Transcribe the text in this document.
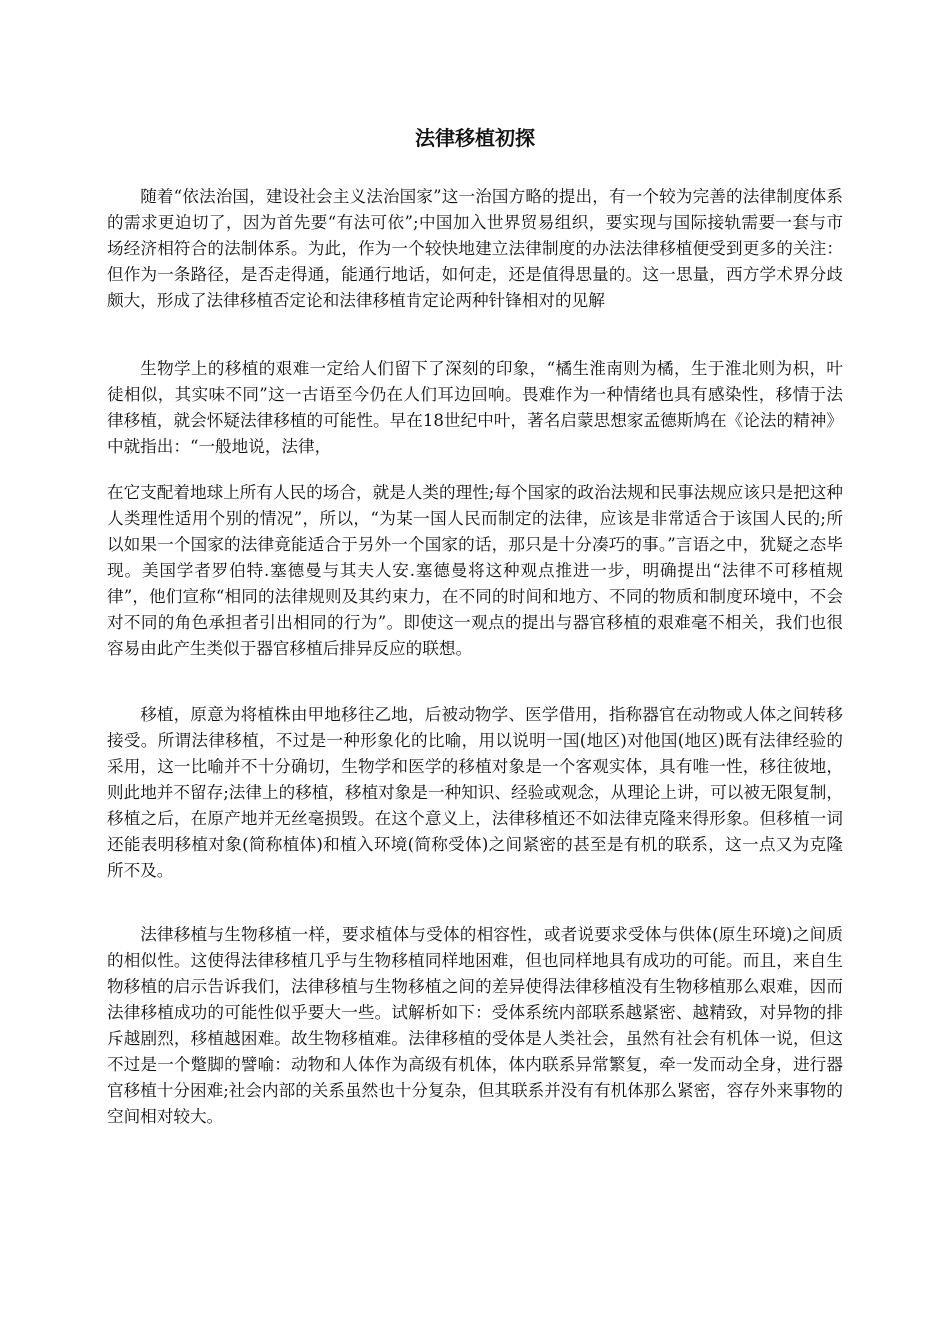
法律移植初探

随着“依法治国，建设社会主义法治国家”这一治国方略的提出，有一个较为完善的法律制度体系的需求更迫切了，因为首先要“有法可依”;中国加入世界贸易组织，要实现与国际接轨需要一套与市场经济相符合的法制体系。为此，作为一个较快地建立法律制度的办法法律移植便受到更多的关注：但作为一条路径，是否走得通，能通行地话，如何走，还是值得思量的。这一思量，西方学术界分歧颇大，形成了法律移植否定论和法律移植肯定论两种针锋相对的见解

生物学上的移植的艰难一定给人们留下了深刻的印象，“橘生淮南则为橘，生于淮北则为枳，叶徒相似，其实味不同”这一古语至今仍在人们耳边回响。畏难作为一种情绪也具有感染性，移情于法律移植，就会怀疑法律移植的可能性。早在18世纪中叶，著名启蒙思想家孟德斯鸠在《论法的精神》中就指出：“一般地说，法律，

在它支配着地球上所有人民的场合，就是人类的理性;每个国家的政治法规和民事法规应该只是把这种人类理性适用个别的情况”，所以，“为某一国人民而制定的法律，应该是非常适合于该国人民的;所以如果一个国家的法律竟能适合于另外一个国家的话，那只是十分凑巧的事。”言语之中，犹疑之态毕现。美国学者罗伯特.塞德曼与其夫人安.塞德曼将这种观点推进一步，明确提出“法律不可移植规律”，他们宣称“相同的法律规则及其约束力，在不同的时间和地方、不同的物质和制度环境中，不会对不同的角色承担者引出相同的行为”。即使这一观点的提出与器官移植的艰难毫不相关，我们也很容易由此产生类似于器官移植后排异反应的联想。

移植，原意为将植株由甲地移往乙地，后被动物学、医学借用，指称器官在动物或人体之间转移接受。所谓法律移植，不过是一种形象化的比喻，用以说明一国(地区)对他国(地区)既有法律经验的采用，这一比喻并不十分确切，生物学和医学的移植对象是一个客观实体，具有唯一性，移往彼地，则此地并不留存;法律上的移植，移植对象是一种知识、经验或观念，从理论上讲，可以被无限复制，移植之后，在原产地并无丝毫损毁。在这个意义上，法律移植还不如法律克隆来得形象。但移植一词还能表明移植对象(简称植体)和植入环境(简称受体)之间紧密的甚至是有机的联系，这一点又为克隆所不及。

法律移植与生物移植一样，要求植体与受体的相容性，或者说要求受体与供体(原生环境)之间质的相似性。这使得法律移植几乎与生物移植同样地困难，但也同样地具有成功的可能。而且，来自生物移植的启示告诉我们，法律移植与生物移植之间的差异使得法律移植没有生物移植那么艰难，因而法律移植成功的可能性似乎要大一些。试解析如下：受体系统内部联系越紧密、越精致，对异物的排斥越剧烈，移植越困难。故生物移植难。法律移植的受体是人类社会，虽然有社会有机体一说，但这不过是一个蹩脚的譬喻：动物和人体作为高级有机体，体内联系异常繁复，牵一发而动全身，进行器官移植十分困难;社会内部的关系虽然也十分复杂，但其联系并没有有机体那么紧密，容存外来事物的空间相对较大。
